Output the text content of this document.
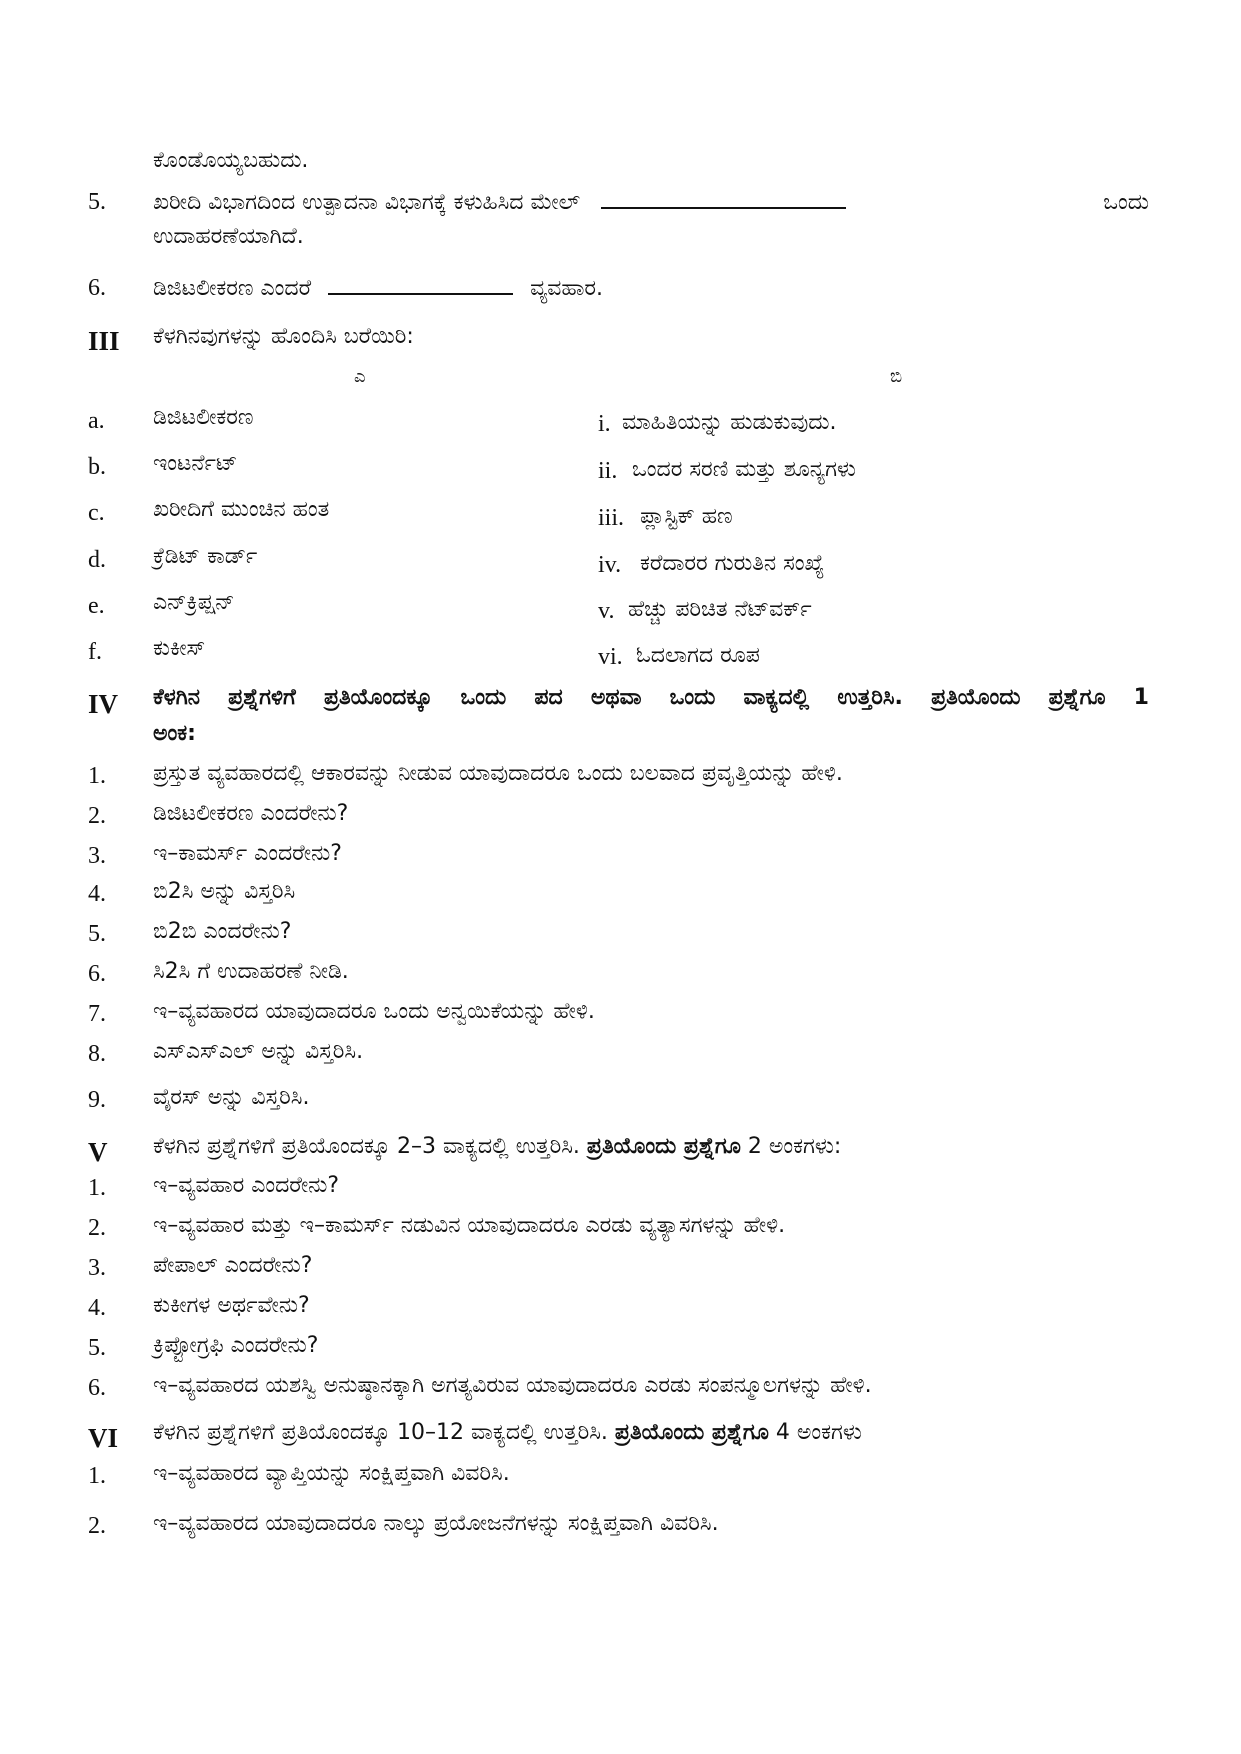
ಕೊಂಡೊಯ್ಯಬಹುದು.
5. ಖರೀದಿ ವಿಭಾಗದಿಂದ ಉತ್ಪಾದನಾ ವಿಭಾಗಕ್ಕೆ ಕಳುಹಿಸಿದ ಮೇಲ್	ಒಂದು
ಉದಾಹರಣೆಯಾಗಿದೆ.
6. ಡಿಜಿಟಲೀಕರಣ ಎಂದರೆ	ವ್ಯವಹಾರ.
III ಕೆಳಗಿನವುಗಳನ್ನು ಹೊಂದಿಸಿ ಬರೆಯಿರಿ:
ಎ	ಬಿ
a. ಡಿಜಿಟಲೀಕರಣ	i. ಮಾಹಿತಿಯನ್ನು ಹುಡುಕುವುದು.
b. ಇಂಟರ್ನೆಟ್	ii. ಒಂದರ ಸರಣಿ ಮತ್ತು ಶೂನ್ಯಗಳು
c. ಖರೀದಿಗೆ ಮುಂಚಿನ ಹಂತ	iii. ಪ್ಲಾಸ್ಟಿಕ್ ಹಣ
d. ಕ್ರೆಡಿಟ್ ಕಾರ್ಡ್	iv. ಕರೆದಾರರ ಗುರುತಿನ ಸಂಖ್ಯೆ
e. ಎನ್‌ಕ್ರಿಪ್ಷನ್	v. ಹೆಚ್ಚು ಪರಿಚಿತ ನೆಟ್‌ವರ್ಕ್
f. ಕುಕೀಸ್	vi. ಓದಲಾಗದ ರೂಪ
IV ಕೆಳಗಿನ ಪ್ರಶ್ನೆಗಳಿಗೆ ಪ್ರತಿಯೊಂದಕ್ಕೂ ಒಂದು ಪದ ಅಥವಾ ಒಂದು ವಾಕ್ಯದಲ್ಲಿ ಉತ್ತರಿಸಿ. ಪ್ರತಿಯೊಂದು ಪ್ರಶ್ನೆಗೂ 1
ಅಂಕ:
1. ಪ್ರಸ್ತುತ ವ್ಯವಹಾರದಲ್ಲಿ ಆಕಾರವನ್ನು ನೀಡುವ ಯಾವುದಾದರೂ ಒಂದು ಬಲವಾದ ಪ್ರವೃತ್ತಿಯನ್ನು ಹೇಳಿ.
2. ಡಿಜಿಟಲೀಕರಣ ಎಂದರೇನು?
3. ಇ–ಕಾಮರ್ಸ್ ಎಂದರೇನು?
4. ಬಿ2ಸಿ ಅನ್ನು ವಿಸ್ತರಿಸಿ
5. ಬಿ2ಬಿ ಎಂದರೇನು?
6. ಸಿ2ಸಿ ಗೆ ಉದಾಹರಣೆ ನೀಡಿ.
7. ಇ–ವ್ಯವಹಾರದ ಯಾವುದಾದರೂ ಒಂದು ಅನ್ವಯಿಕೆಯನ್ನು ಹೇಳಿ.
8. ಎಸ್‌ಎಸ್‌ಎಲ್ ಅನ್ನು ವಿಸ್ತರಿಸಿ.
9. ವೈರಸ್ ಅನ್ನು ವಿಸ್ತರಿಸಿ.
V ಕೆಳಗಿನ ಪ್ರಶ್ನೆಗಳಿಗೆ ಪ್ರತಿಯೊಂದಕ್ಕೂ 2–3 ವಾಕ್ಯದಲ್ಲಿ ಉತ್ತರಿಸಿ. ಪ್ರತಿಯೊಂದು ಪ್ರಶ್ನೆಗೂ 2 ಅಂಕಗಳು:
1. ಇ–ವ್ಯವಹಾರ ಎಂದರೇನು?
2. ಇ–ವ್ಯವಹಾರ ಮತ್ತು ಇ–ಕಾಮರ್ಸ್ ನಡುವಿನ ಯಾವುದಾದರೂ ಎರಡು ವ್ಯತ್ಯಾಸಗಳನ್ನು ಹೇಳಿ.
3. ಪೇಪಾಲ್ ಎಂದರೇನು?
4. ಕುಕೀಗಳ ಅರ್ಥವೇನು?
5. ಕ್ರಿಪ್ಟೋಗ್ರಫಿ ಎಂದರೇನು?
6. ಇ–ವ್ಯವಹಾರದ ಯಶಸ್ವಿ ಅನುಷ್ಠಾನಕ್ಕಾಗಿ ಅಗತ್ಯವಿರುವ ಯಾವುದಾದರೂ ಎರಡು ಸಂಪನ್ಮೂಲಗಳನ್ನು ಹೇಳಿ.
VI ಕೆಳಗಿನ ಪ್ರಶ್ನೆಗಳಿಗೆ ಪ್ರತಿಯೊಂದಕ್ಕೂ 10–12 ವಾಕ್ಯದಲ್ಲಿ ಉತ್ತರಿಸಿ. ಪ್ರತಿಯೊಂದು ಪ್ರಶ್ನೆಗೂ 4 ಅಂಕಗಳು
1. ಇ–ವ್ಯವಹಾರದ ವ್ಯಾಪ್ತಿಯನ್ನು ಸಂಕ್ಷಿಪ್ತವಾಗಿ ವಿವರಿಸಿ.
2. ಇ–ವ್ಯವಹಾರದ ಯಾವುದಾದರೂ ನಾಲ್ಕು ಪ್ರಯೋಜನೆಗಳನ್ನು ಸಂಕ್ಷಿಪ್ತವಾಗಿ ವಿವರಿಸಿ.
